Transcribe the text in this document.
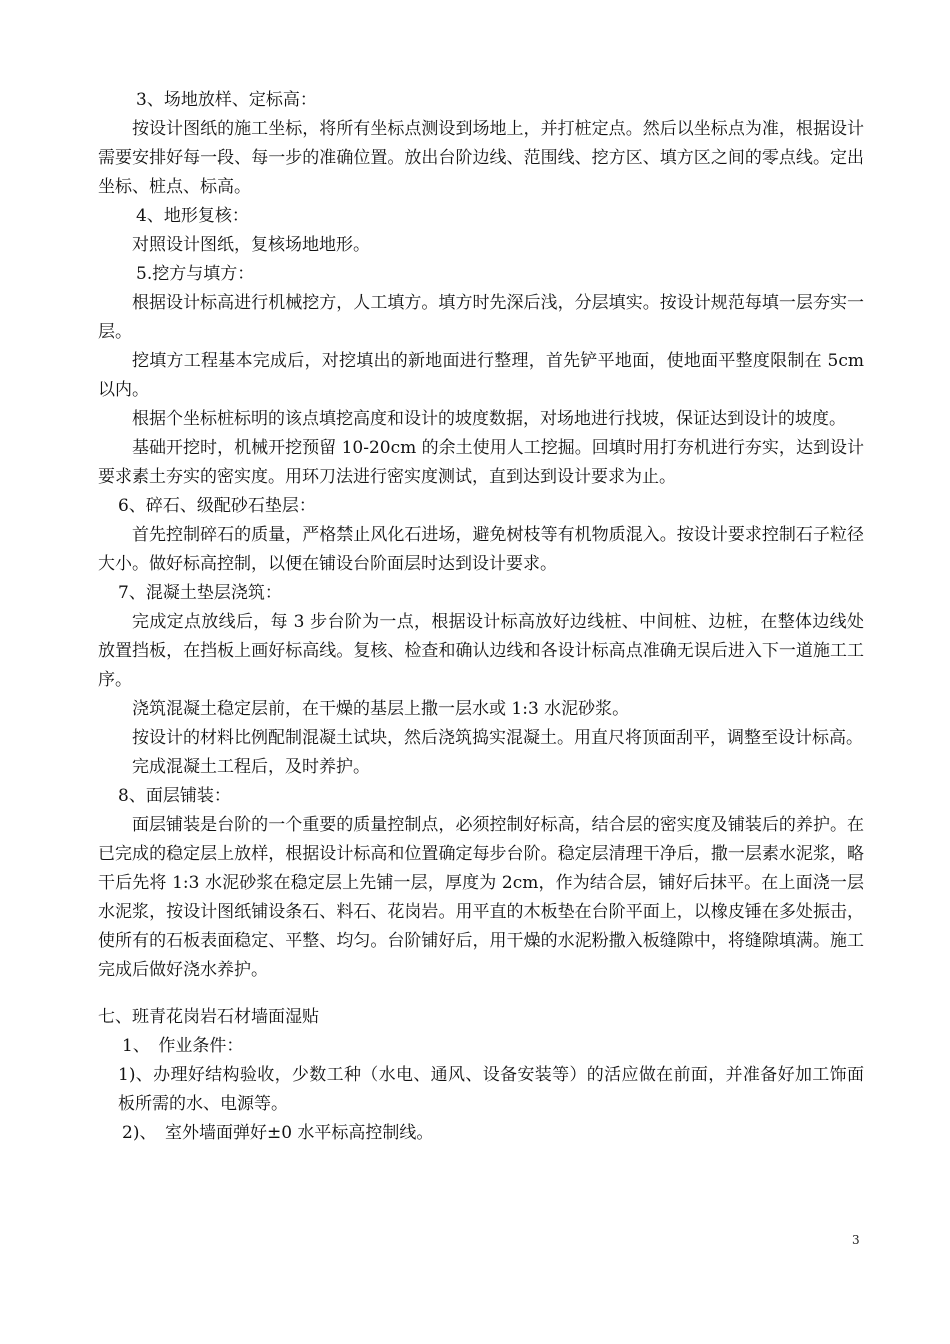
3、场地放样、定标高：

按设计图纸的施工坐标，将所有坐标点测设到场地上，并打桩定点。然后以坐标点为准，根据设计需要安排好每一段、每一步的准确位置。放出台阶边线、范围线、挖方区、填方区之间的零点线。定出坐标、桩点、标高。

4、地形复核：

对照设计图纸，复核场地地形。

5.挖方与填方：

根据设计标高进行机械挖方，人工填方。填方时先深后浅，分层填实。按设计规范每填一层夯实一层。

挖填方工程基本完成后，对挖填出的新地面进行整理，首先铲平地面，使地面平整度限制在 5cm 以内。

根据个坐标桩标明的该点填挖高度和设计的坡度数据，对场地进行找坡，保证达到设计的坡度。

基础开挖时，机械开挖预留 10-20cm 的余土使用人工挖掘。回填时用打夯机进行夯实，达到设计要求素土夯实的密实度。用环刀法进行密实度测试，直到达到设计要求为止。

6、碎石、级配砂石垫层：

首先控制碎石的质量，严格禁止风化石进场，避免树枝等有机物质混入。按设计要求控制石子粒径大小。做好标高控制，以便在铺设台阶面层时达到设计要求。

7、混凝土垫层浇筑：

完成定点放线后，每 3 步台阶为一点，根据设计标高放好边线桩、中间桩、边桩，在整体边线处放置挡板，在挡板上画好标高线。复核、检查和确认边线和各设计标高点准确无误后进入下一道施工工序。

浇筑混凝土稳定层前，在干燥的基层上撒一层水或 1:3 水泥砂浆。

按设计的材料比例配制混凝土试块，然后浇筑捣实混凝土。用直尺将顶面刮平，调整至设计标高。

完成混凝土工程后，及时养护。

8、面层铺装：

面层铺装是台阶的一个重要的质量控制点，必须控制好标高，结合层的密实度及铺装后的养护。在已完成的稳定层上放样，根据设计标高和位置确定每步台阶。稳定层清理干净后，撒一层素水泥浆，略干后先将 1:3 水泥砂浆在稳定层上先铺一层，厚度为 2cm，作为结合层，铺好后抹平。在上面浇一层水泥浆，按设计图纸铺设条石、料石、花岗岩。用平直的木板垫在台阶平面上，以橡皮锤在多处振击，使所有的石板表面稳定、平整、均匀。台阶铺好后，用干燥的水泥粉撒入板缝隙中，将缝隙填满。施工完成后做好浇水养护。

七、班青花岗岩石材墙面湿贴

1、　作业条件：

1)、办理好结构验收，少数工种（水电、通风、设备安装等）的活应做在前面，并准备好加工饰面板所需的水、电源等。

2)、　室外墙面弹好±0 水平标高控制线。

3
